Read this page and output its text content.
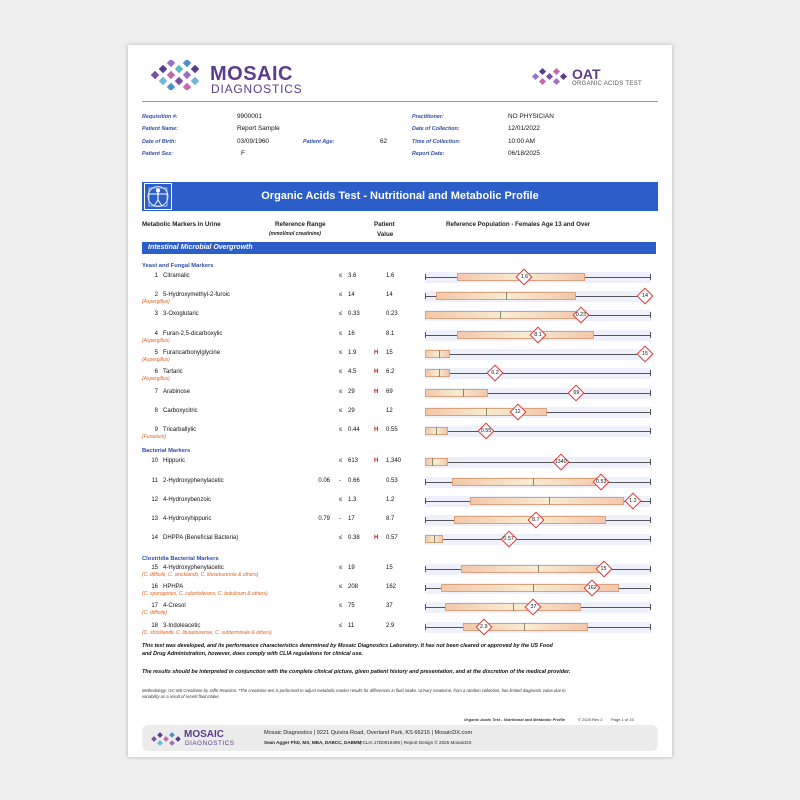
MOSAIC
DIAGNOSTICS
OAT
ORGANIC ACIDS TEST
Requisition #:	9900001
Patient Name:	Report Sample
Date of Birth:	03/09/1960	Patient Age:	62
Patient Sex:	F
Practitioner:	NO PHYSICIAN
Date of Collection:	12/01/2022
Time of Collection:	10:00 AM
Report Date:	06/18/2025
Organic Acids Test - Nutritional and Metabolic Profile
Metabolic Markers in Urine	Reference Range
(mmol/mol creatinine)
Patient
Value
Reference Population - Females Age 13 and Over
Intestinal Microbial Overgrowth
Yeast and Fungal Markers
Bacterial Markers
Clostridia Bacterial Markers
This test was developed, and its performance characteristics determined by Mosaic Diagnostics Laboratory. It has not been cleared or approved by the US Food and Drug Administration, however, does comply with CLIA regulations for clinical use.
The results should be interpreted in conjunction with the complete clinical picture, given patient history and presentation, and at the discretion of the medical provider.
Methodology: GC-MS Creatinine by Jaffe Reaction. *The creatinine test is performed to adjust metabolic marker results for differences in fluid intake. Urinary creatinine, from a random collection, has limited diagnostic value due to variability as a result of recent fluid intake.
Organic Acids Test - Nutritional and Metabolic Profile	© 2025 Rev 2 Page 1 of 15
MOSAIC
DIAGNOSTICS
Mosaic Diagnostics | 9221 Quivira Road, Overland Park, KS 66215 | MosaicDX.com
Sean Agger PhD, MS, MBA, DABCC, DABMM
| CLIA 17D0919496 | Report Design © 2025 MosaicDX
1 Citramalic	≤ 3.6	1.6	1.6
2 5-Hydroxymethyl-2-furoic
(Aspergillus)
≤ 14	14	14
3 3-Oxoglutaric	≤ 0.33	0.23	0.23
4 Furan-2,5-dicarboxylic
(Aspergillus)
≤ 16	8.1	8.1
5 Furancarbonylglycine
(Aspergillus)
≤ 1.9	H 15	15
6 Tartaric
(Aspergillus)
≤ 4.5	H 6.2	6.2
7 Arabinose	≤ 29	H 69	69
8 Carboxycitric	≤ 29	12	12
9 Tricarballylic
(Fusarium)
≤ 0.44 H 0.55	0.55
10 Hippuric	≤ 613	H 1,340	1340
11 2-Hydroxyphenylacetic	0.06 - 0.66	0.53	0.53
12 4-Hydroxybenzoic	≤ 1.3	1.2	1.2
13 4-Hydroxyhippuric	0.79 - 17	8.7	8.7
14 DHPPA (Beneficial Bacteria)	≤ 0.38 H 0.57	0.57
15 4-Hydroxyphenylacetic
(C. difficile, C. stricklandii, C. lituseburense & others)
≤ 19	15	15
16 HPHPA
(C. sporogenes, C. caloritolerans, C. botulinum & others)
≤ 208	162	162
17 4-Cresol
(C. difficile)
≤ 75	37	37
18 3-Indoleacetic
(C. stricklandii, C. lituseburense, C. subterminale & others)
≤ 11	2.9	2.9
